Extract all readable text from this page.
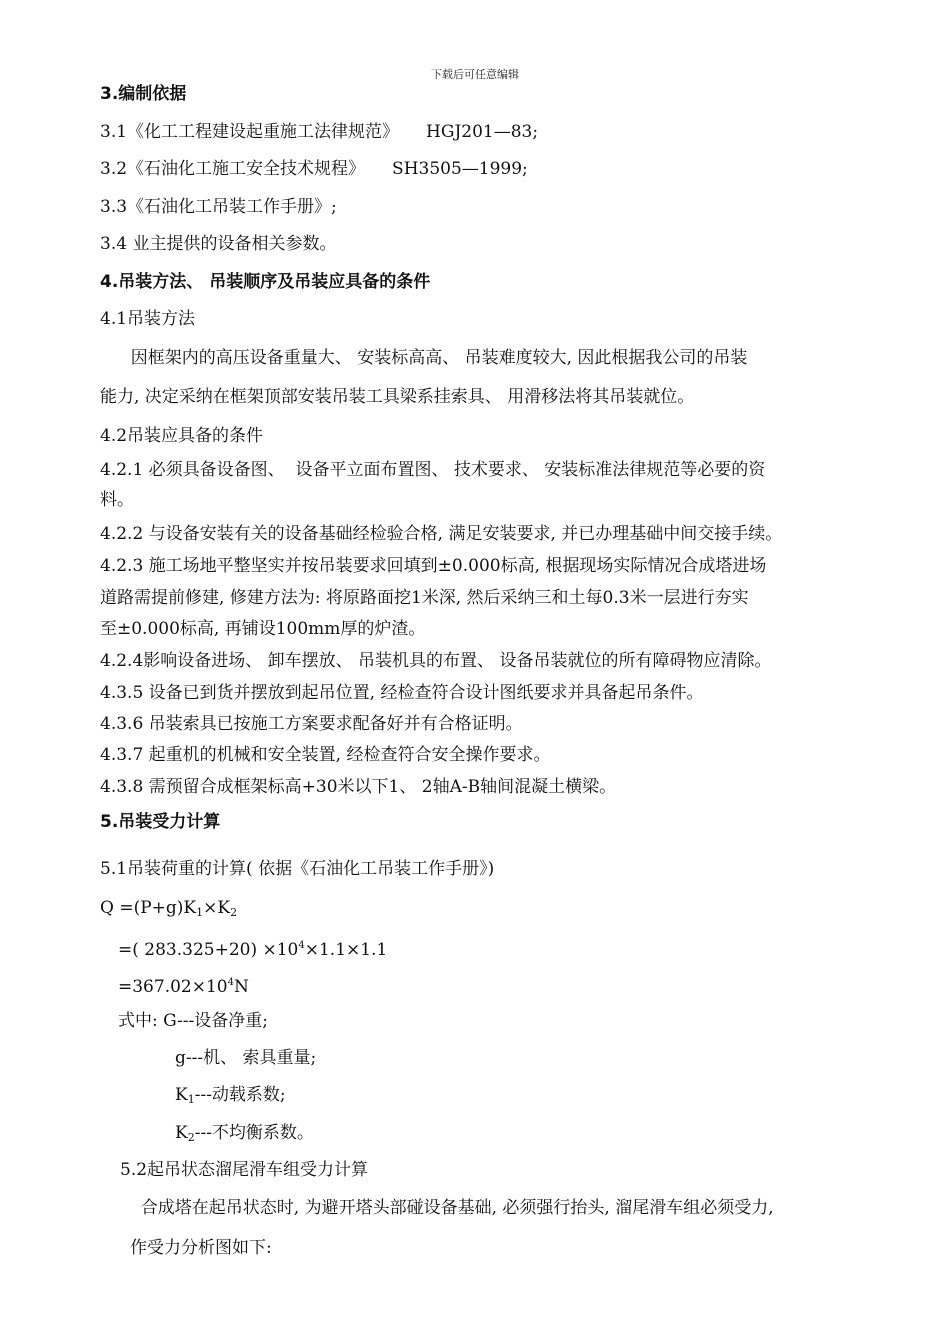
下载后可任意编辑
3.编制依据
3.1《化工工程建设起重施工法律规范》     HGJ201—83;
3.2《石油化工施工安全技术规程》     SH3505—1999;
3.3《石油化工吊装工作手册》;
3.4 业主提供的设备相关参数。
4.吊装方法、 吊装顺序及吊装应具备的条件
4.1吊装方法
因框架内的高压设备重量大、 安装标高高、 吊装难度较大, 因此根据我公司的吊装
能力, 决定采纳在框架顶部安装吊装工具梁系挂索具、 用滑移法将其吊装就位。
4.2吊装应具备的条件
4.2.1 必须具备设备图、  设备平立面布置图、 技术要求、 安装标准法律规范等必要的资
料。
4.2.2 与设备安装有关的设备基础经检验合格, 满足安装要求, 并已办理基础中间交接手续。
4.2.3 施工场地平整坚实并按吊装要求回填到±0.000标高, 根据现场实际情况合成塔进场
道路需提前修建, 修建方法为: 将原路面挖1米深, 然后采纳三和土每0.3米一层进行夯实
至±0.000标高, 再铺设100mm厚的炉渣。
4.2.4影响设备进场、 卸车摆放、 吊装机具的布置、 设备吊装就位的所有障碍物应清除。
4.3.5 设备已到货并摆放到起吊位置, 经检查符合设计图纸要求并具备起吊条件。
4.3.6 吊装索具已按施工方案要求配备好并有合格证明。
4.3.7 起重机的机械和安全装置, 经检查符合安全操作要求。
4.3.8 需预留合成框架标高+30米以下1、 2轴A-B轴间混凝土横梁。
5.吊装受力计算
5.1吊装荷重的计算( 依据《石油化工吊装工作手册》)
$Q =(P+g)K_1\times K_2$
=( $283.325+20) \times 10^4\times 1.1\times 1.1$
$=367.02\times 10^4N$
式中: G---设备净重;
g---机、 索具重量;
$K_1---$动载系数;
$K_2---$不均衡系数。
5.2起吊状态溜尾滑车组受力计算
合成塔在起吊状态时, 为避开塔头部碰设备基础, 必须强行抬头, 溜尾滑车组必须受力,
作受力分析图如下:
